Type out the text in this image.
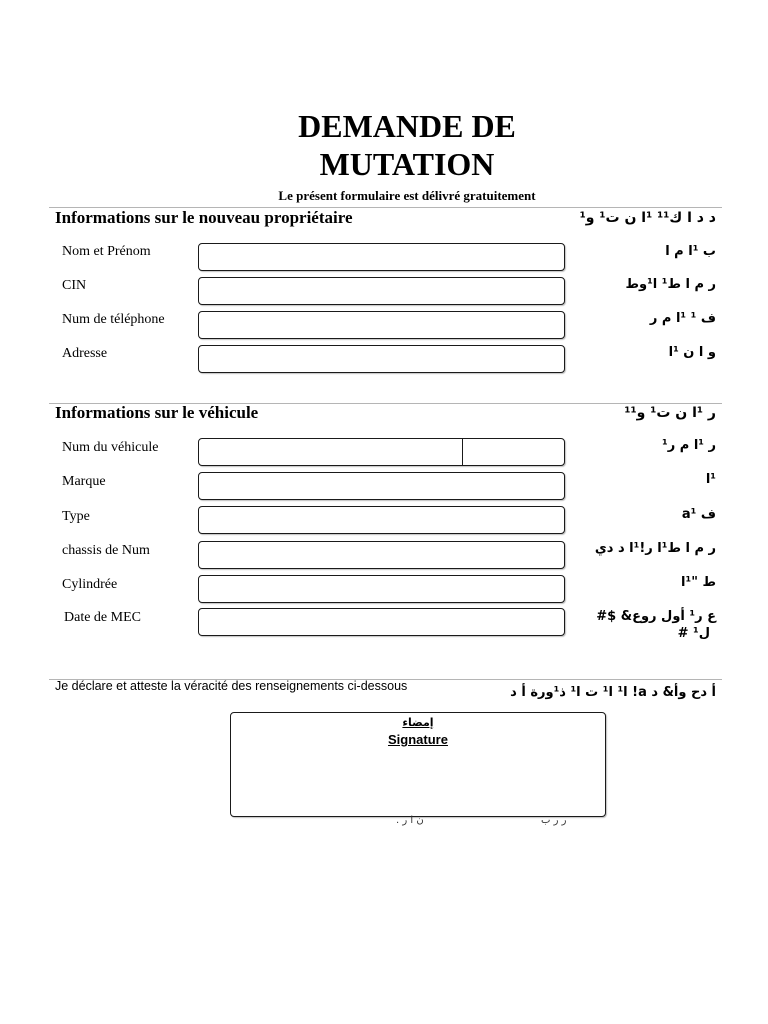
DEMANDE DE
MUTATION
Le présent formulaire est délivré gratuitement
Informations sur le nouveau propriétaire	د د ا ك¹¹ ¹ا ن ت¹ و¹
Nom et Prénom	ب ¹ا م ا
CIN	ر م ا ط¹ ا¹وط
Num de téléphone	ف ¹ ¹ا م ر
Adresse	و ا ن ¹ا
Informations sur le véhicule	ر ¹ا ن ت¹ و¹¹
Num du véhicule	ر ¹ا م ر¹
Marque	¹ا
Type	ف a¹
chassis de Num	ر م ا ط¹ا ر!¹ا د دي
Cylindrée	ط "¹ا
Date de MEC	ع ر¹ أول روع& $#
ل¹ #
Je déclare et atteste la véracité des renseignements ci-dessous	أ دح وأ& د a! ا¹ ا¹ ت ا¹ ذ¹ورة أ د
إمضاء
Signature
ن ا ر .	ر ر ب
